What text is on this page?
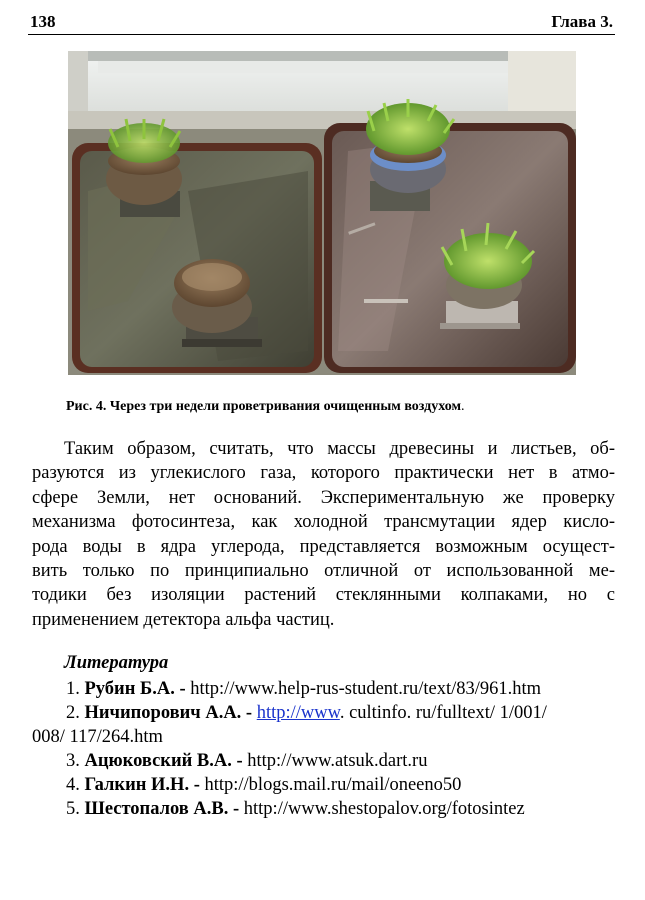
138	Глава 3.
Рис. 4. Через три недели проветривания очищенным воздухом.
Таким образом, считать, что массы древесины и листьев, об-
разуются из углекислого газа, которого практически нет в атмо-
сфере Земли, нет оснований. Экспериментальную же проверку
механизма фотосинтеза, как холодной трансмутации ядер кисло-
рода воды в ядра углерода, представляется возможным осущест-
вить только по принципиально отличной от использованной ме-
тодики без изоляции растений стеклянными колпаками, но с
применением детектора альфа частиц.
Литература
1. Рубин Б.А. - http://www.help-rus-student.ru/text/83/961.htm
2. Ничипорович А.А. - http://www. cultinfo. ru/fulltext/ 1/001/
008/ 117/264.htm
3. Ацюковский В.А. - http://www.atsuk.dart.ru
4. Галкин И.Н. - http://blogs.mail.ru/mail/oneeno50
5. Шестопалов А.В. - http://www.shestopalov.org/fotosintez
